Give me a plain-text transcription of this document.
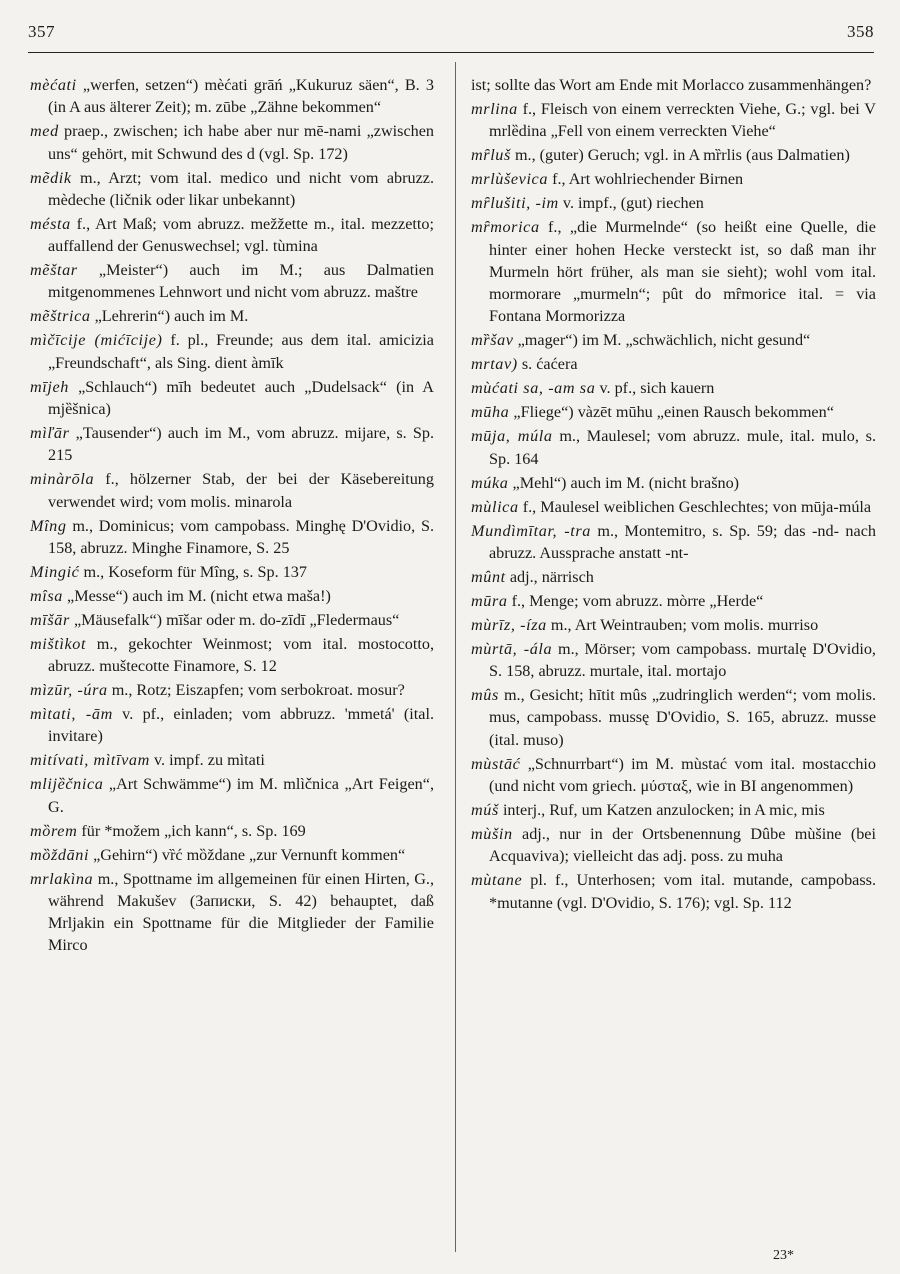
357	358

mèćati „werfen, setzen“) mèćati grāń „Kukuruz säen“, B. 3 (in A aus älterer Zeit); m. zūbe „Zähne bekommen“

med praep., zwischen; ich habe aber nur mē-nami „zwischen uns“ gehört, mit Schwund des d (vgl. Sp. 172)

mẽdik m., Arzt; vom ital. medico und nicht vom abruzz. mèdeche (ličnik oder likar unbekannt)

mésta f., Art Maß; vom abruzz. mežžette m., ital. mezzetto; auffallend der Genuswechsel; vgl. tùmina

mẽštar „Meister“) auch im M.; aus Dalmatien mitgenommenes Lehnwort und nicht vom abruzz. maštre

mẽštrica „Lehrerin“) auch im M.

mìčīcije (mićīcije) f. pl., Freunde; aus dem ital. amicizia „Freundschaft“, als Sing. dient àmīk

mījeh „Schlauch“) mīh bedeutet auch „Dudelsack“ (in A mjȅšnica)

mìľār „Tausender“) auch im M., vom abruzz. mijare, s. Sp. 215

minàrōla f., hölzerner Stab, der bei der Käsebereitung verwendet wird; vom molis. minarola

Mîng m., Dominicus; vom campobass. Minghę D'Ovidio, S. 158, abruzz. Minghe Finamore, S. 25

Mingić m., Koseform für Mîng, s. Sp. 137

mîsa „Messe“) auch im M. (nicht etwa maša!)

mīšār „Mäusefalk“) mīšar oder m. do-zīdī „Fledermaus“

mištìkot m., gekochter Weinmost; vom ital. mostocotto, abruzz. muštecotte Finamore, S. 12

mìzūr, -úra m., Rotz; Eiszapfen; vom serbokroat. mosur?

mìtati, -ām v. pf., einladen; vom abbruzz. 'mmetá' (ital. invitare)

mitívati, mìtīvam v. impf. zu mìtati

mlijȅčnica „Art Schwämme“) im M. mlìčnica „Art Feigen“, G.

mȍrem für *možem „ich kann“, s. Sp. 169

mȍždāni „Gehirn“) vȑć mȍždane „zur Vernunft kommen“

mrlakìna m., Spottname im allgemeinen für einen Hirten, G., während Makušev (Записки, S. 42) behauptet, daß Mrljakin ein Spottname für die Mitglieder der Familie Mirco

ist; sollte das Wort am Ende mit Morlacco zusammenhängen?

mrlina f., Fleisch von einem verreckten Viehe, G.; vgl. bei V mrlȅdina „Fell von einem verreckten Viehe“

mȓluš m., (guter) Geruch; vgl. in A mȑrlis (aus Dalmatien)

mrlùševica f., Art wohlriechender Birnen

mȓlušiti, -im v. impf., (gut) riechen

mȓmorica f., „die Murmelnde“ (so heißt eine Quelle, die hinter einer hohen Hecke versteckt ist, so daß man ihr Murmeln hört früher, als man sie sieht); wohl vom ital. mormorare „murmeln“; pût do mȓmorice ital. = via Fontana Mormorizza

mȑšav „mager“) im M. „schwächlich, nicht gesund“

mrtav) s. ćaćera

mùćati sa, -am sa v. pf., sich kauern

mūha „Fliege“) vàzēt mūhu „einen Rausch bekommen“

mūja, múla m., Maulesel; vom abruzz. mule, ital. mulo, s. Sp. 164

múka „Mehl“) auch im M. (nicht brašno)

mùlica f., Maulesel weiblichen Geschlechtes; von mūja-múla

Mundìmītar, -tra m., Montemitro, s. Sp. 59; das -nd- nach abruzz. Aussprache anstatt -nt-

mûnt adj., närrisch

mūra f., Menge; vom abruzz. mòrre „Herde“

mùrīz, -íza m., Art Weintrauben; vom molis. murriso

mùrtā, -ála m., Mörser; vom campobass. murtalę D'Ovidio, S. 158, abruzz. murtale, ital. mortajo

mûs m., Gesicht; hītit mûs „zudringlich werden“; vom molis. mus, campobass. mussę D'Ovidio, S. 165, abruzz. musse (ital. muso)

mùstāć „Schnurrbart“) im M. mùstać vom ital. mostacchio (und nicht vom griech. μύσταξ, wie in BI angenommen)

múš interj., Ruf, um Katzen anzulocken; in A mic, mis

mùšin adj., nur in der Ortsbenennung Dûbe mùšine (bei Acquaviva); vielleicht das adj. poss. zu muha

mùtane pl. f., Unterhosen; vom ital. mutande, campobass. *mutanne (vgl. D'Ovidio, S. 176); vgl. Sp. 112

23*
